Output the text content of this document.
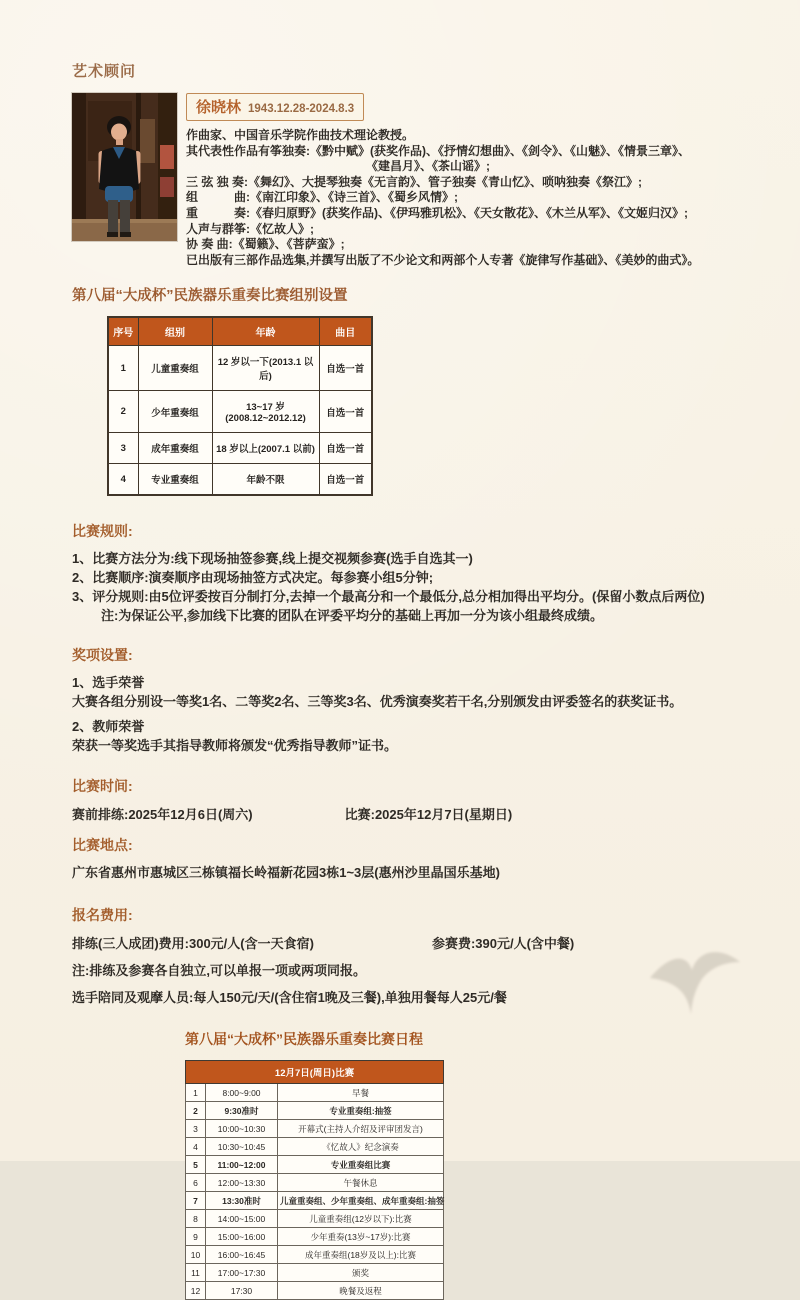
艺术顾问
徐晓林 1943.12.28-2024.8.3
作曲家、中国音乐学院作曲技术理论教授。
其代表性作品有筝独奏:《黔中赋》(获奖作品)、《抒情幻想曲》、《剑令》、《山魅》、《情景三章》、
《建昌月》、《茶山谣》;
三 弦 独 奏:《舞幻》、大提琴独奏《无言韵》、管子独奏《青山忆》、唢呐独奏《祭江》;
组　　　曲:《南江印象》、《诗三首》、《蜀乡风情》;
重　　　奏:《春归原野》(获奖作品)、《伊玛雅玑松》、《天女散花》、《木兰从军》、《文姬归汉》;
人声与群筝:《忆故人》;
协 奏 曲:《蜀籁》、《菩萨蛮》;
已出版有三部作品选集,并撰写出版了不少论文和两部个人专著《旋律写作基础》、《美妙的曲式》。
第八届“大成杯”民族器乐重奏比赛组别设置
序号	组别	年龄	曲目
1	儿童重奏组	12 岁以一下(2013.1 以后)	自选一首
2	少年重奏组	13~17 岁(2008.12~2012.12)	自选一首
3	成年重奏组	18 岁以上(2007.1 以前)	自选一首
4	专业重奏组	年龄不限	自选一首
比赛规则:
1、比赛方法分为:线下现场抽签参赛,线上提交视频参赛(选手自选其一)
2、比赛顺序:演奏顺序由现场抽签方式决定。每参赛小组5分钟;
3、评分规则:由5位评委按百分制打分,去掉一个最高分和一个最低分,总分相加得出平均分。(保留小数点后两位)
注:为保证公平,参加线下比赛的团队在评委平均分的基础上再加一分为该小组最终成绩。
奖项设置:
1、选手荣誉
大赛各组分别设一等奖1名、二等奖2名、三等奖3名、优秀演奏奖若干名,分别颁发由评委签名的获奖证书。
2、教师荣誉
荣获一等奖选手其指导教师将颁发“优秀指导教师”证书。
比赛时间:
赛前排练:2025年12月6日(周六)	比赛:2025年12月7日(星期日)
比赛地点:
广东省惠州市惠城区三栋镇福长岭福新花园3栋1~3层(惠州沙里晶国乐基地)
报名费用:
排练(三人成团)费用:300元/人(含一天食宿)	参赛费:390元/人(含中餐)
注:排练及参赛各自独立,可以单报一项或两项同报。
选手陪同及观摩人员:每人150元/天/(含住宿1晚及三餐),单独用餐每人25元/餐
第八届“大成杯”民族器乐重奏比赛日程
12月7日(周日)比赛		
1	8:00~9:00	早餐
2	9:30准时	专业重奏组:抽签
3	10:00~10:30	开幕式(主持人介绍及评审团发言)
4	10:30~10:45	《忆故人》纪念演奏
5	11:00~12:00	专业重奏组比赛
6	12:00~13:30	午餐休息
7	13:30准时	儿童重奏组、少年重奏组、成年重奏组:抽签
8	14:00~15:00	儿童重奏组(12岁以下):比赛
9	15:00~16:00	少年重奏(13岁~17岁):比赛
10	16:00~16:45	成年重奏组(18岁及以上):比赛
11	17:00~17:30	颁奖
12	17:30	晚餐及返程
